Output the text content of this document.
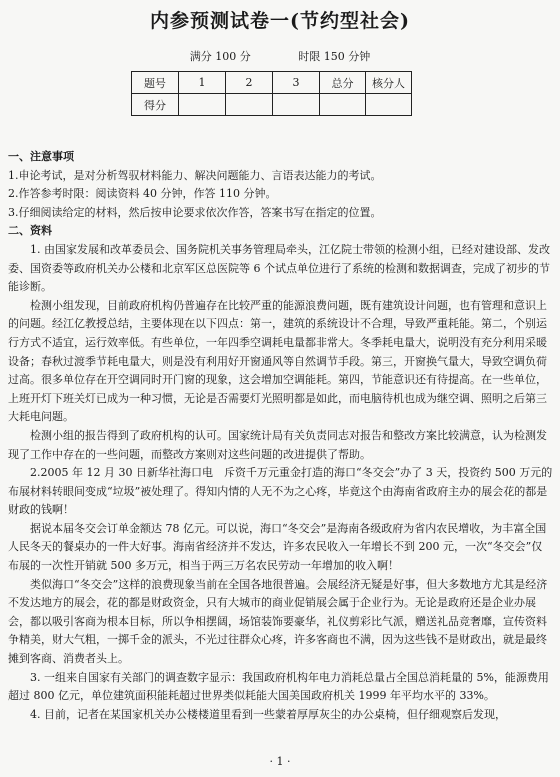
内参预测试卷一(节约型社会)
满分 100 分	时限 150 分钟
题号	1	2	3	总分	核分人
得分					

一、注意事项

1.申论考试，是对分析驾驭材料能力、解决问题能力、言语表达能力的考试。

2.作答参考时限：阅读资料 40 分钟，作答 110 分钟。

3.仔细阅读给定的材料，然后按申论要求依次作答，答案书写在指定的位置。

二、资料

1. 由国家发展和改革委员会、国务院机关事务管理局牵头，江亿院士带领的检测小组，已经对建设部、发改委、国资委等政府机关办公楼和北京军区总医院等 6 个试点单位进行了系统的检测和数据调查，完成了初步的节能诊断。

检测小组发现，目前政府机构仍普遍存在比较严重的能源浪费问题，既有建筑设计问题，也有管理和意识上的问题。经江亿教授总结，主要体现在以下四点：第一，建筑的系统设计不合理，导致严重耗能。第二，个别运行方式不适宜，运行效率低。有些单位，一年四季空调耗电量都非常大。冬季耗电量大，说明没有充分利用采暖设备；春秋过渡季节耗电量大，则是没有利用好开窗通风等自然调节手段。第三，开窗换气量大，导致空调负荷过高。很多单位存在开空调同时开门窗的现象，这会增加空调能耗。第四，节能意识还有待提高。在一些单位，上班开灯下班关灯已成为一种习惯，无论是否需要灯光照明都是如此，而电脑待机也成为继空调、照明之后第三大耗电问题。

检测小组的报告得到了政府机构的认可。国家统计局有关负责同志对报告和整改方案比较满意，认为检测发现了工作中存在的一些问题，而整改方案则对这些问题的改进提供了帮助。

2.2005 年 12 月 30 日新华社海口电　斥资千万元重金打造的海口“冬交会”办了 3 天，投资约 500 万元的布展材料转眼间变成“垃圾”被处理了。得知内情的人无不为之心疼，毕竟这个由海南省政府主办的展会花的都是财政的钱啊！

据说本届冬交会订单金额达 78 亿元。可以说，海口“冬交会”是海南各级政府为省内农民增收，为丰富全国人民冬天的餐桌办的一件大好事。海南省经济并不发达，许多农民收入一年增长不到 200 元，一次“冬交会”仅布展的一次性开销就 500 多万元，相当于两三万名农民劳动一年增加的收入啊！

类似海口“冬交会”这样的浪费现象当前在全国各地很普遍。会展经济无疑是好事，但大多数地方尤其是经济不发达地方的展会，花的都是财政资金，只有大城市的商业促销展会属于企业行为。无论是政府还是企业办展会，都以吸引客商为根本目标，所以争相摆阔，场馆装饰要豪华，礼仪剪彩比气派，赠送礼品竞奢靡，宣传资料争精美，财大气粗，一掷千金的派头，不光过往群众心疼，许多客商也不满，因为这些钱不是财政出，就是最终摊到客商、消费者头上。

3. 一组来自国家有关部门的调查数字显示：我国政府机构年电力消耗总量占全国总消耗量的 5%，能源费用超过 800 亿元，单位建筑面积能耗超过世界类似耗能大国美国政府机关 1999 年平均水平的 33%。

4. 目前，记者在某国家机关办公楼楼道里看到一些蒙着厚厚灰尘的办公桌椅，但仔细观察后发现，

· 1 ·
